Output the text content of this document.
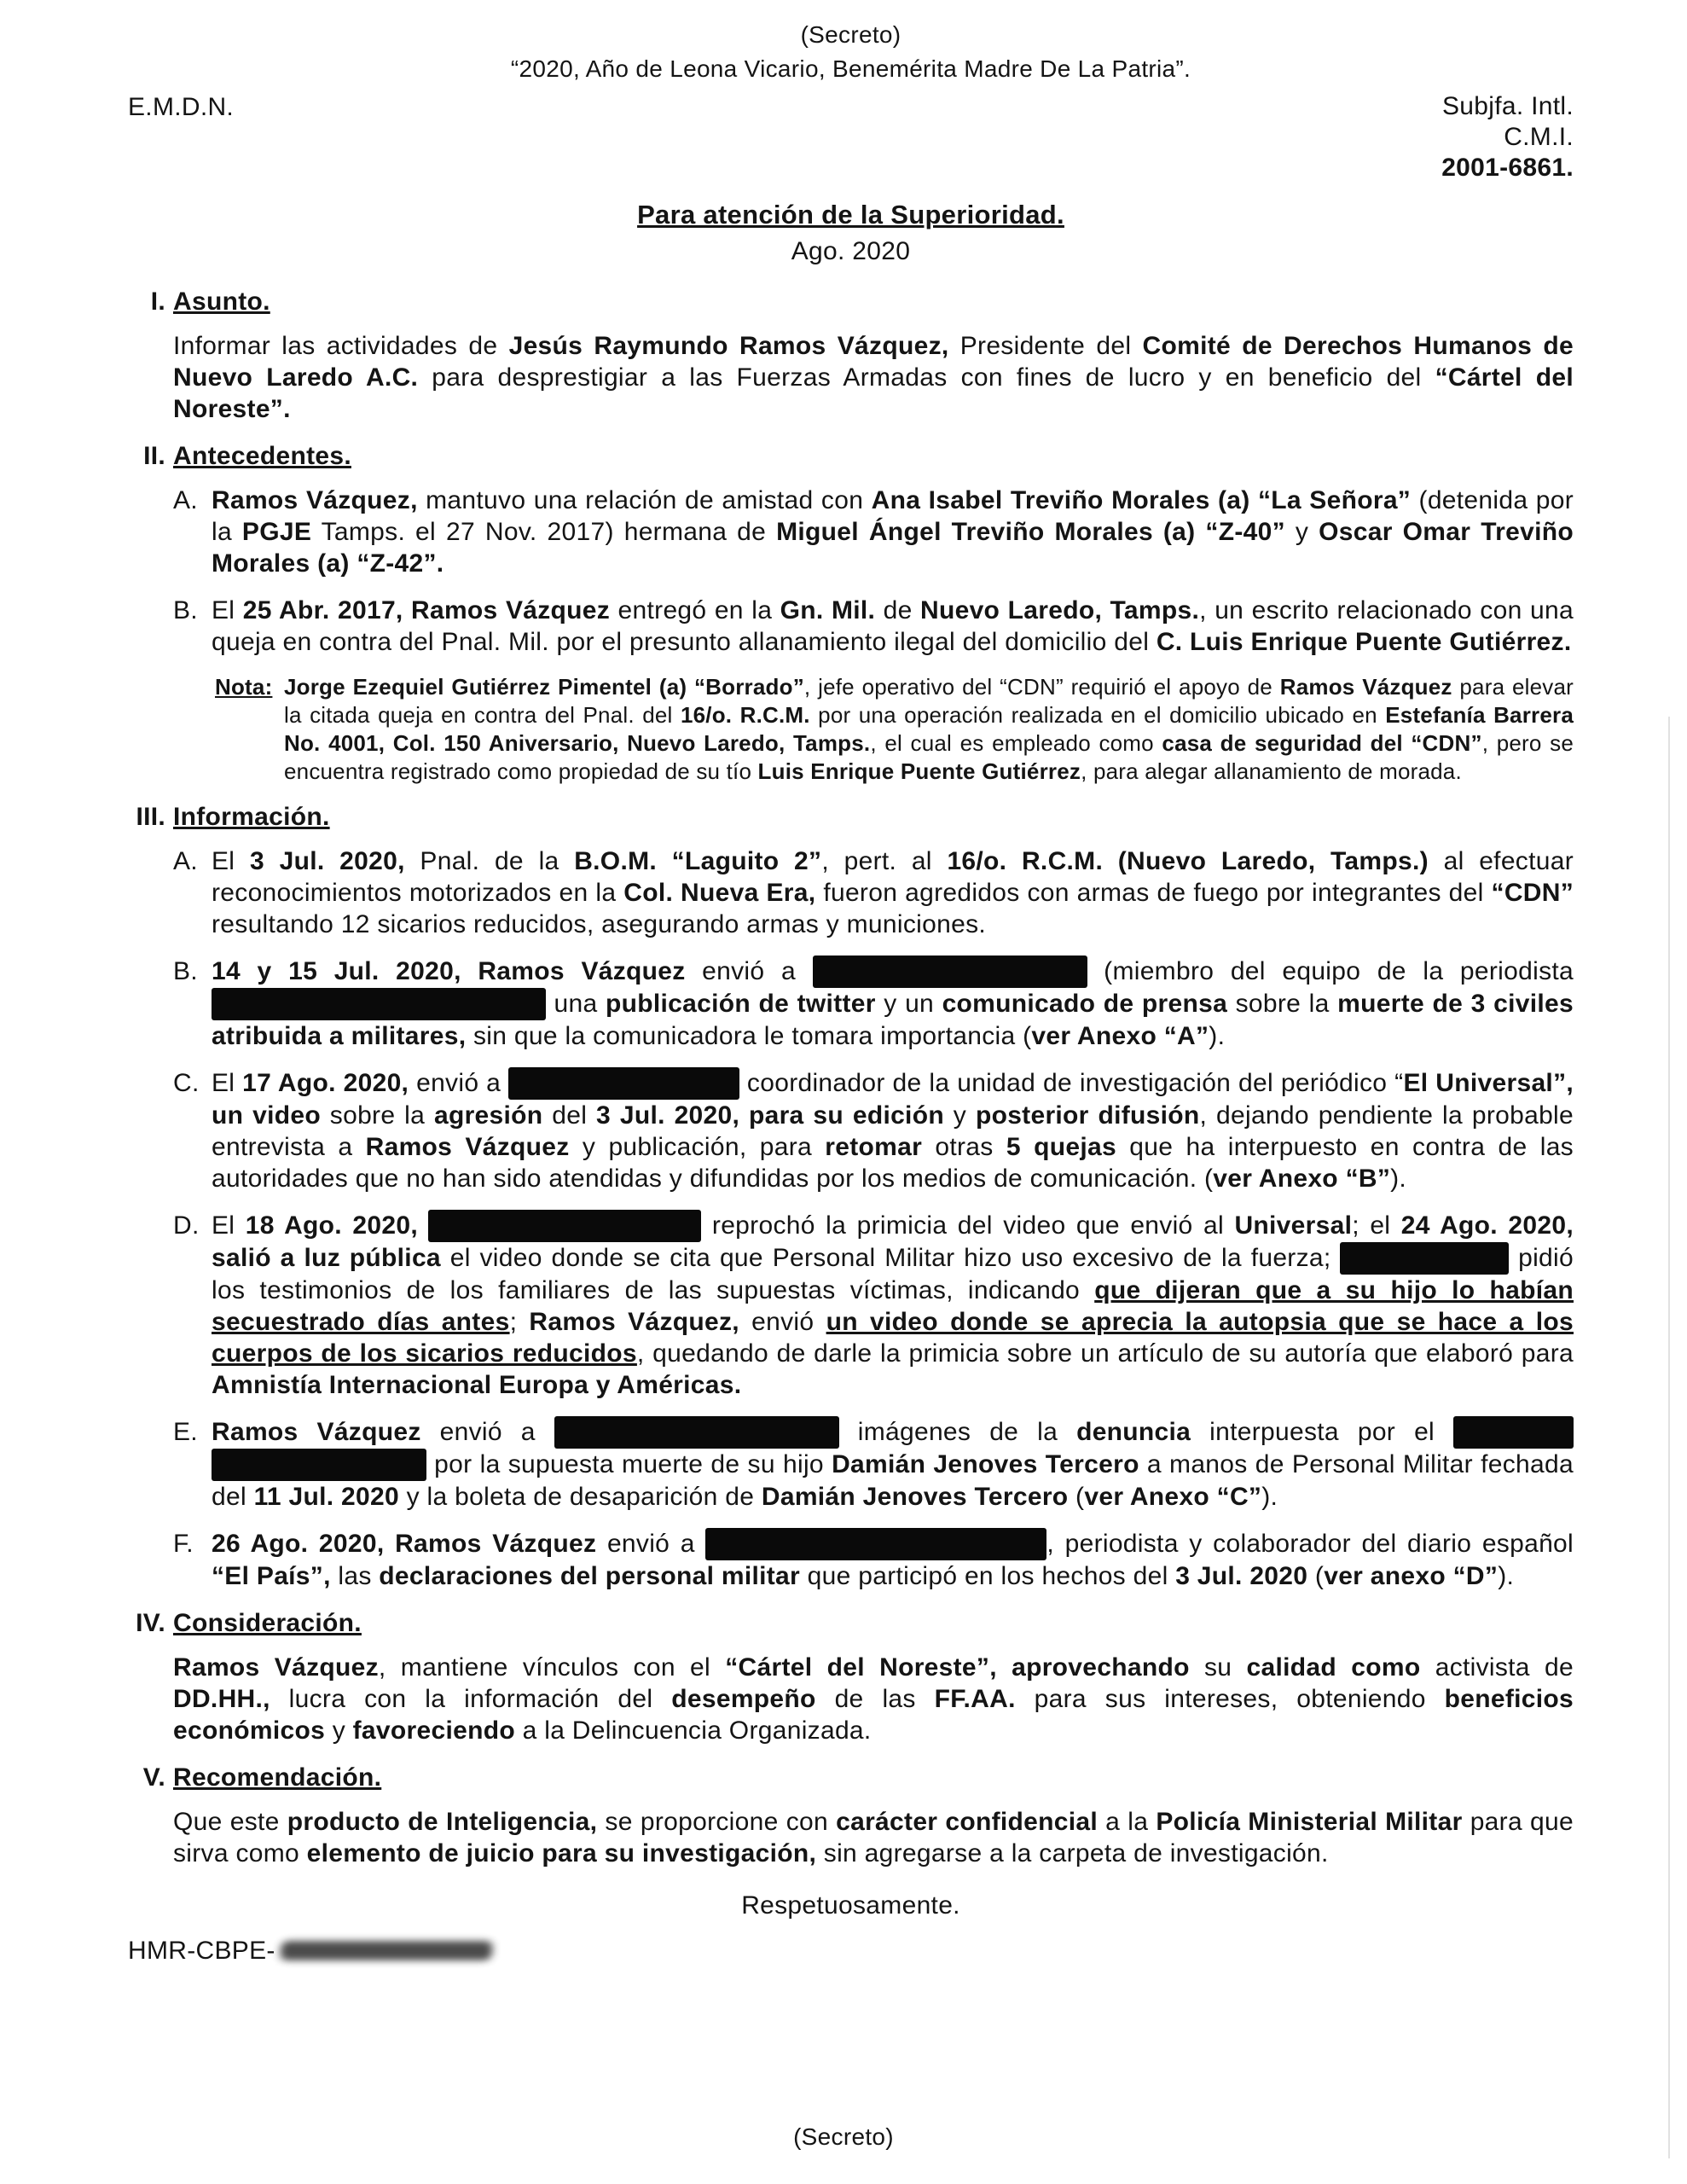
(Secreto)
“2020, Año de Leona Vicario, Benemérita Madre De La Patria”.
E.M.D.N.	Subjfa. Intl.
C.M.I.
2001-6861.
Para atención de la Superioridad.
Ago. 2020
I. Asunto.
Informar las actividades de Jesús Raymundo Ramos Vázquez, Presidente del Comité de Derechos Humanos de Nuevo Laredo A.C. para desprestigiar a las Fuerzas Armadas con fines de lucro y en beneficio del “Cártel del Noreste”.
II. Antecedentes.
A. Ramos Vázquez, mantuvo una relación de amistad con Ana Isabel Treviño Morales (a) “La Señora” (detenida por la PGJE Tamps. el 27 Nov. 2017) hermana de Miguel Ángel Treviño Morales (a) “Z-40” y Oscar Omar Treviño Morales (a) “Z-42”.
B. El 25 Abr. 2017, Ramos Vázquez entregó en la Gn. Mil. de Nuevo Laredo, Tamps., un escrito relacionado con una queja en contra del Pnal. Mil. por el presunto allanamiento ilegal del domicilio del C. Luis Enrique Puente Gutiérrez.
Nota: Jorge Ezequiel Gutiérrez Pimentel (a) “Borrado”, jefe operativo del “CDN” requirió el apoyo de Ramos Vázquez para elevar la citada queja en contra del Pnal. del 16/o. R.C.M. por una operación realizada en el domicilio ubicado en Estefanía Barrera No. 4001, Col. 150 Aniversario, Nuevo Laredo, Tamps., el cual es empleado como casa de seguridad del “CDN”, pero se encuentra registrado como propiedad de su tío Luis Enrique Puente Gutiérrez, para alegar allanamiento de morada.
III. Información.
A. El 3 Jul. 2020, Pnal. de la B.O.M. “Laguito 2”, pert. al 16/o. R.C.M. (Nuevo Laredo, Tamps.) al efectuar reconocimientos motorizados en la Col. Nueva Era, fueron agredidos con armas de fuego por integrantes del “CDN” resultando 12 sicarios reducidos, asegurando armas y municiones.
B. 14 y 15 Jul. 2020, Ramos Vázquez envió a	(miembro del equipo de la periodista  una publicación de twitter y un comunicado de prensa sobre la muerte de 3 civiles atribuida a militares, sin que la comunicadora le tomara importancia (ver Anexo “A”).
C. El 17 Ago. 2020, envió a	coordinador de la unidad de investigación del periódico “El Universal”, un video sobre la agresión del 3 Jul. 2020, para su edición y posterior difusión, dejando pendiente la probable entrevista a Ramos Vázquez y publicación, para retomar otras 5 quejas que ha interpuesto en contra de las autoridades que no han sido atendidas y difundidas por los medios de comunicación. (ver Anexo “B”).
D. El 18 Ago. 2020,	reprochó la primicia del video que envió al Universal; el 24 Ago. 2020, salió a luz pública el video donde se cita que Personal Militar hizo uso excesivo de la fuerza;	pidió los testimonios de los familiares de las supuestas víctimas, indicando que dijeran que a su hijo lo habían secuestrado días antes; Ramos Vázquez, envió un video donde se aprecia la autopsia que se hace a los cuerpos de los sicarios reducidos, quedando de darle la primicia sobre un artículo de su autoría que elaboró para Amnistía Internacional Europa y Américas.
E. Ramos Vázquez envió a	imágenes de la denuncia interpuesta por el   por la supuesta muerte de su hijo Damián Jenoves Tercero a manos de Personal Militar fechada del 11 Jul. 2020 y la boleta de desaparición de Damián Jenoves Tercero (ver Anexo “C”).
F. 26 Ago. 2020, Ramos Vázquez envió a	, periodista y colaborador del diario español “El País”, las declaraciones del personal militar que participó en los hechos del 3 Jul. 2020 (ver anexo “D”).
IV. Consideración.
Ramos Vázquez, mantiene vínculos con el “Cártel del Noreste”, aprovechando su calidad como activista de DD.HH., lucra con la información del desempeño de las FF.AA. para sus intereses, obteniendo beneficios económicos y favoreciendo a la Delincuencia Organizada.
V. Recomendación.
Que este producto de Inteligencia, se proporcione con carácter confidencial a la Policía Ministerial Militar para que sirva como elemento de juicio para su investigación, sin agregarse a la carpeta de investigación.
Respetuosamente.
HMR-CBPE-
(Secreto)
